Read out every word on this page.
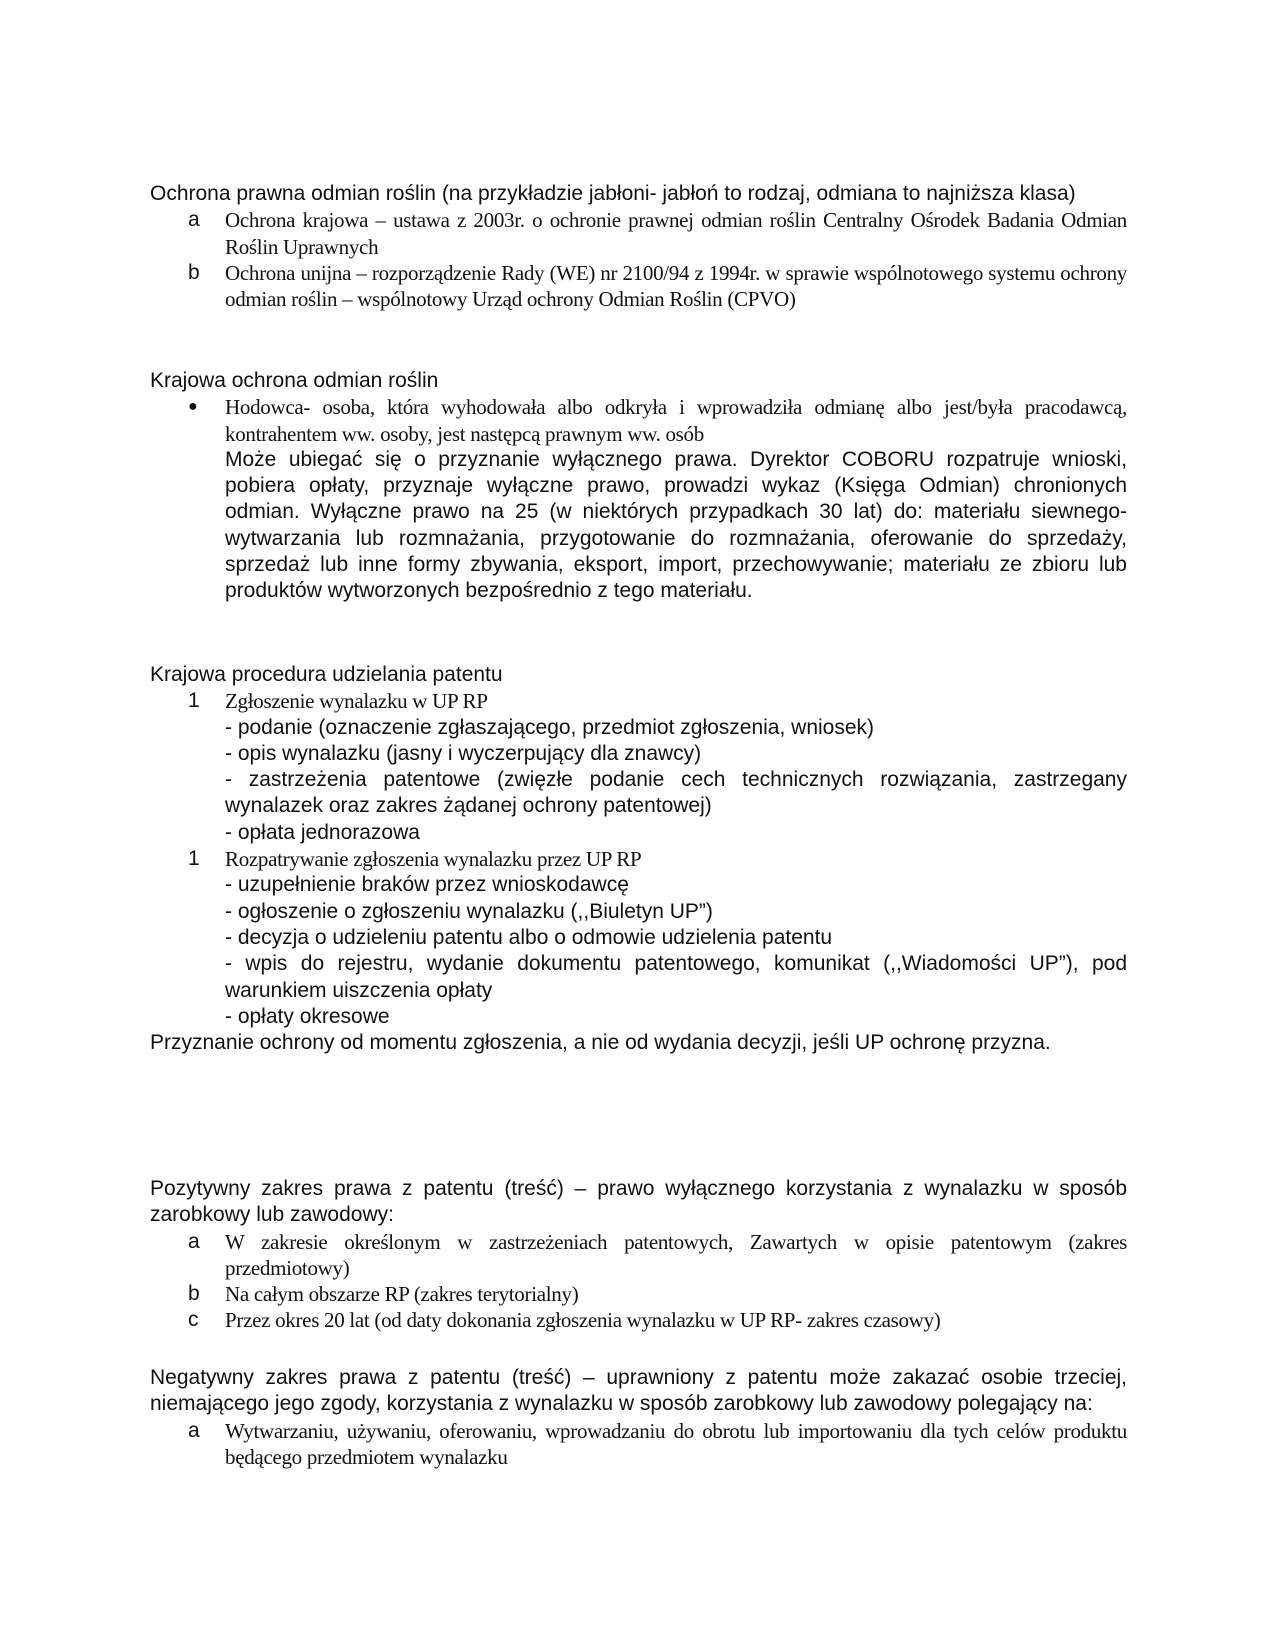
Ochrona prawna odmian roślin (na przykładzie jabłoni- jabłoń to rodzaj, odmiana to najniższa klasa)

a Ochrona krajowa – ustawa z 2003r. o ochronie prawnej odmian roślin Centralny Ośrodek Badania Odmian Roślin Uprawnych

b Ochrona unijna – rozporządzenie Rady (WE) nr 2100/94 z 1994r. w sprawie wspólnotowego systemu ochrony odmian roślin – wspólnotowy Urząd ochrony Odmian Roślin (CPVO)

Krajowa ochrona odmian roślin

● Hodowca- osoba, która wyhodowała albo odkryła i wprowadziła odmianę albo jest/była pracodawcą, kontrahentem ww. osoby, jest następcą prawnym ww. osób

Może ubiegać się o przyznanie wyłącznego prawa. Dyrektor COBORU rozpatruje wnioski, pobiera opłaty, przyznaje wyłączne prawo, prowadzi wykaz (Księga Odmian) chronionych odmian. Wyłączne prawo na 25 (w niektórych przypadkach 30 lat) do: materiału siewnego- wytwarzania lub rozmnażania, przygotowanie do rozmnażania, oferowanie do sprzedaży, sprzedaż lub inne formy zbywania, eksport, import, przechowywanie; materiału ze zbioru lub produktów wytworzonych bezpośrednio z tego materiału.

Krajowa procedura udzielania patentu

1 Zgłoszenie wynalazku w UP RP

- podanie (oznaczenie zgłaszającego, przedmiot zgłoszenia, wniosek)

- opis wynalazku (jasny i wyczerpujący dla znawcy)

- zastrzeżenia patentowe (zwięzłe podanie cech technicznych rozwiązania, zastrzegany wynalazek oraz zakres żądanej ochrony patentowej)

- opłata jednorazowa

1 Rozpatrywanie zgłoszenia wynalazku przez UP RP

- uzupełnienie braków przez wnioskodawcę

- ogłoszenie o zgłoszeniu wynalazku (,,Biuletyn UP”)

- decyzja o udzieleniu patentu albo o odmowie udzielenia patentu

- wpis do rejestru, wydanie dokumentu patentowego, komunikat (,,Wiadomości UP”), pod warunkiem uiszczenia opłaty

- opłaty okresowe

Przyznanie ochrony od momentu zgłoszenia, a nie od wydania decyzji, jeśli UP ochronę przyzna.

Pozytywny zakres prawa z patentu (treść) – prawo wyłącznego korzystania z wynalazku w sposób zarobkowy lub zawodowy:

a W zakresie określonym w zastrzeżeniach patentowych, Zawartych w opisie patentowym (zakres przedmiotowy)

b Na całym obszarze RP (zakres terytorialny)

c Przez okres 20 lat (od daty dokonania zgłoszenia wynalazku w UP RP- zakres czasowy)

Negatywny zakres prawa z patentu (treść) – uprawniony z patentu może zakazać osobie trzeciej, niemającego jego zgody, korzystania z wynalazku w sposób zarobkowy lub zawodowy polegający na:

a Wytwarzaniu, używaniu, oferowaniu, wprowadzaniu do obrotu lub importowaniu dla tych celów produktu będącego przedmiotem wynalazku
